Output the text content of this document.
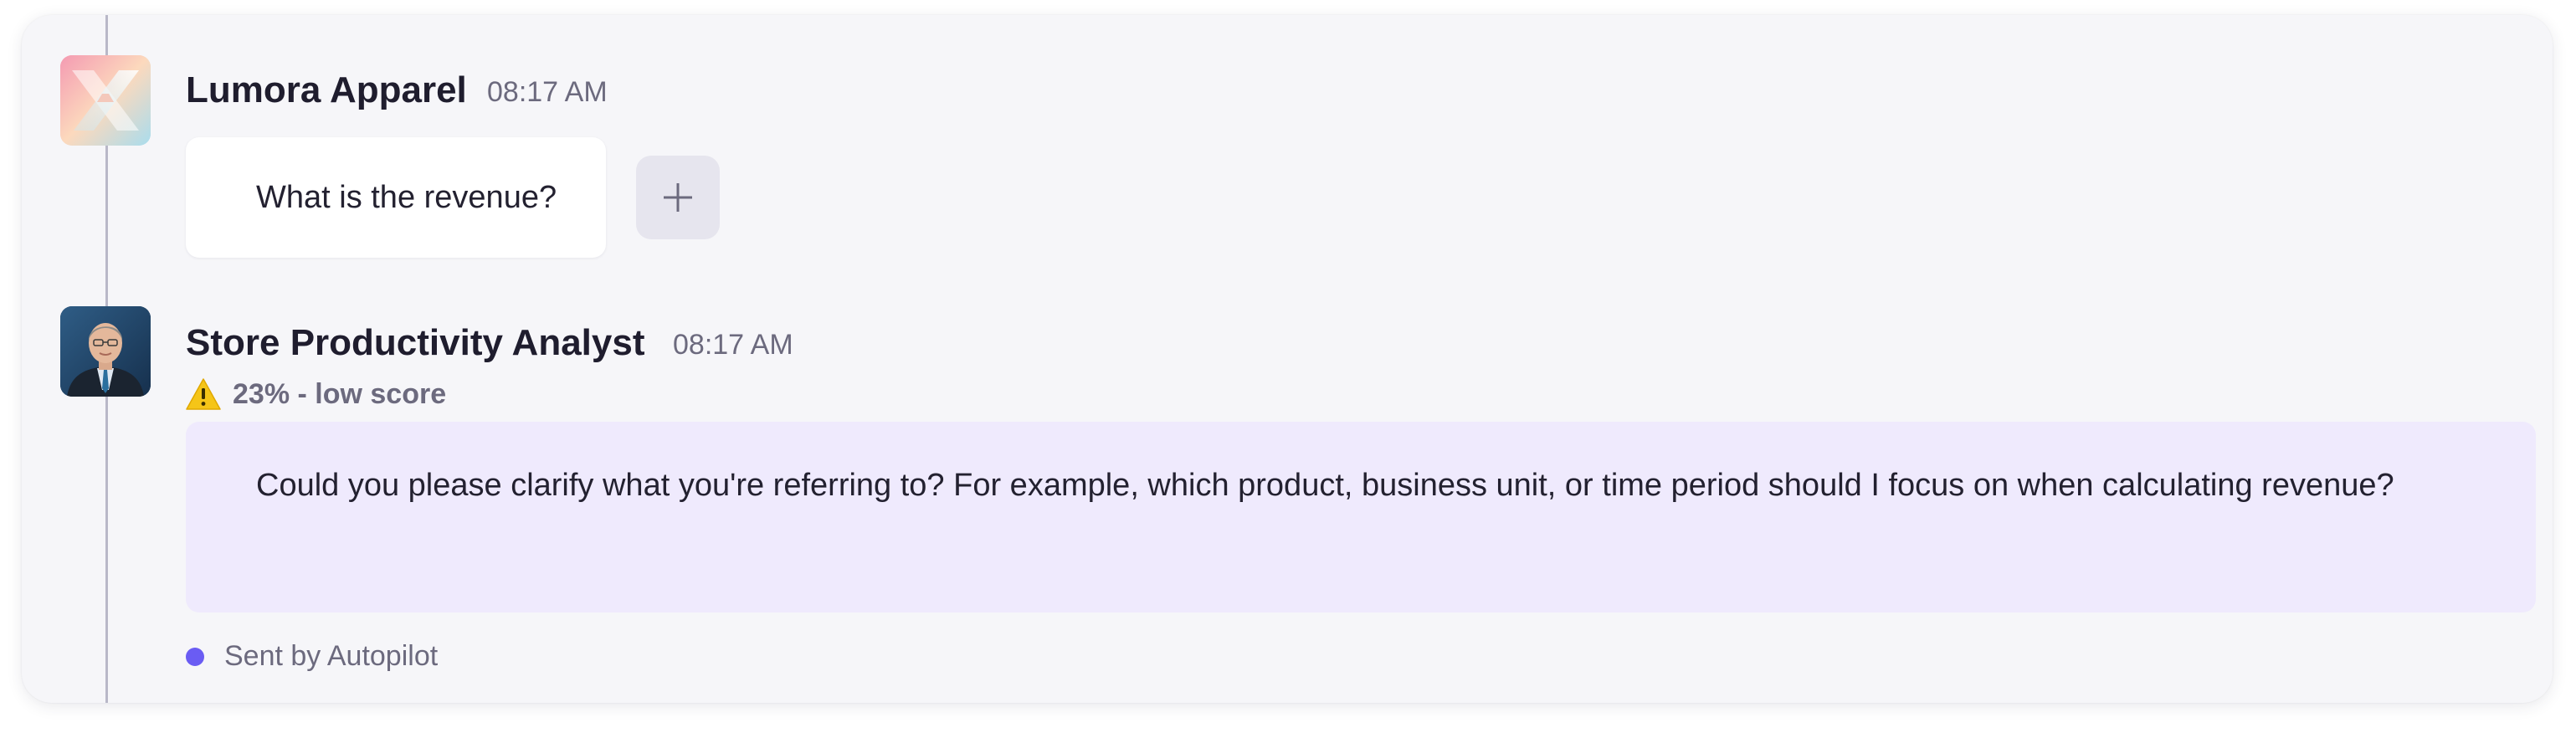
Lumora Apparel 08:17 AM
What is the revenue?
Store Productivity Analyst 08:17 AM
23% - low score
Could you please clarify what you're referring to? For example, which product, business unit, or time period should I focus on when calculating revenue?
Sent by Autopilot
